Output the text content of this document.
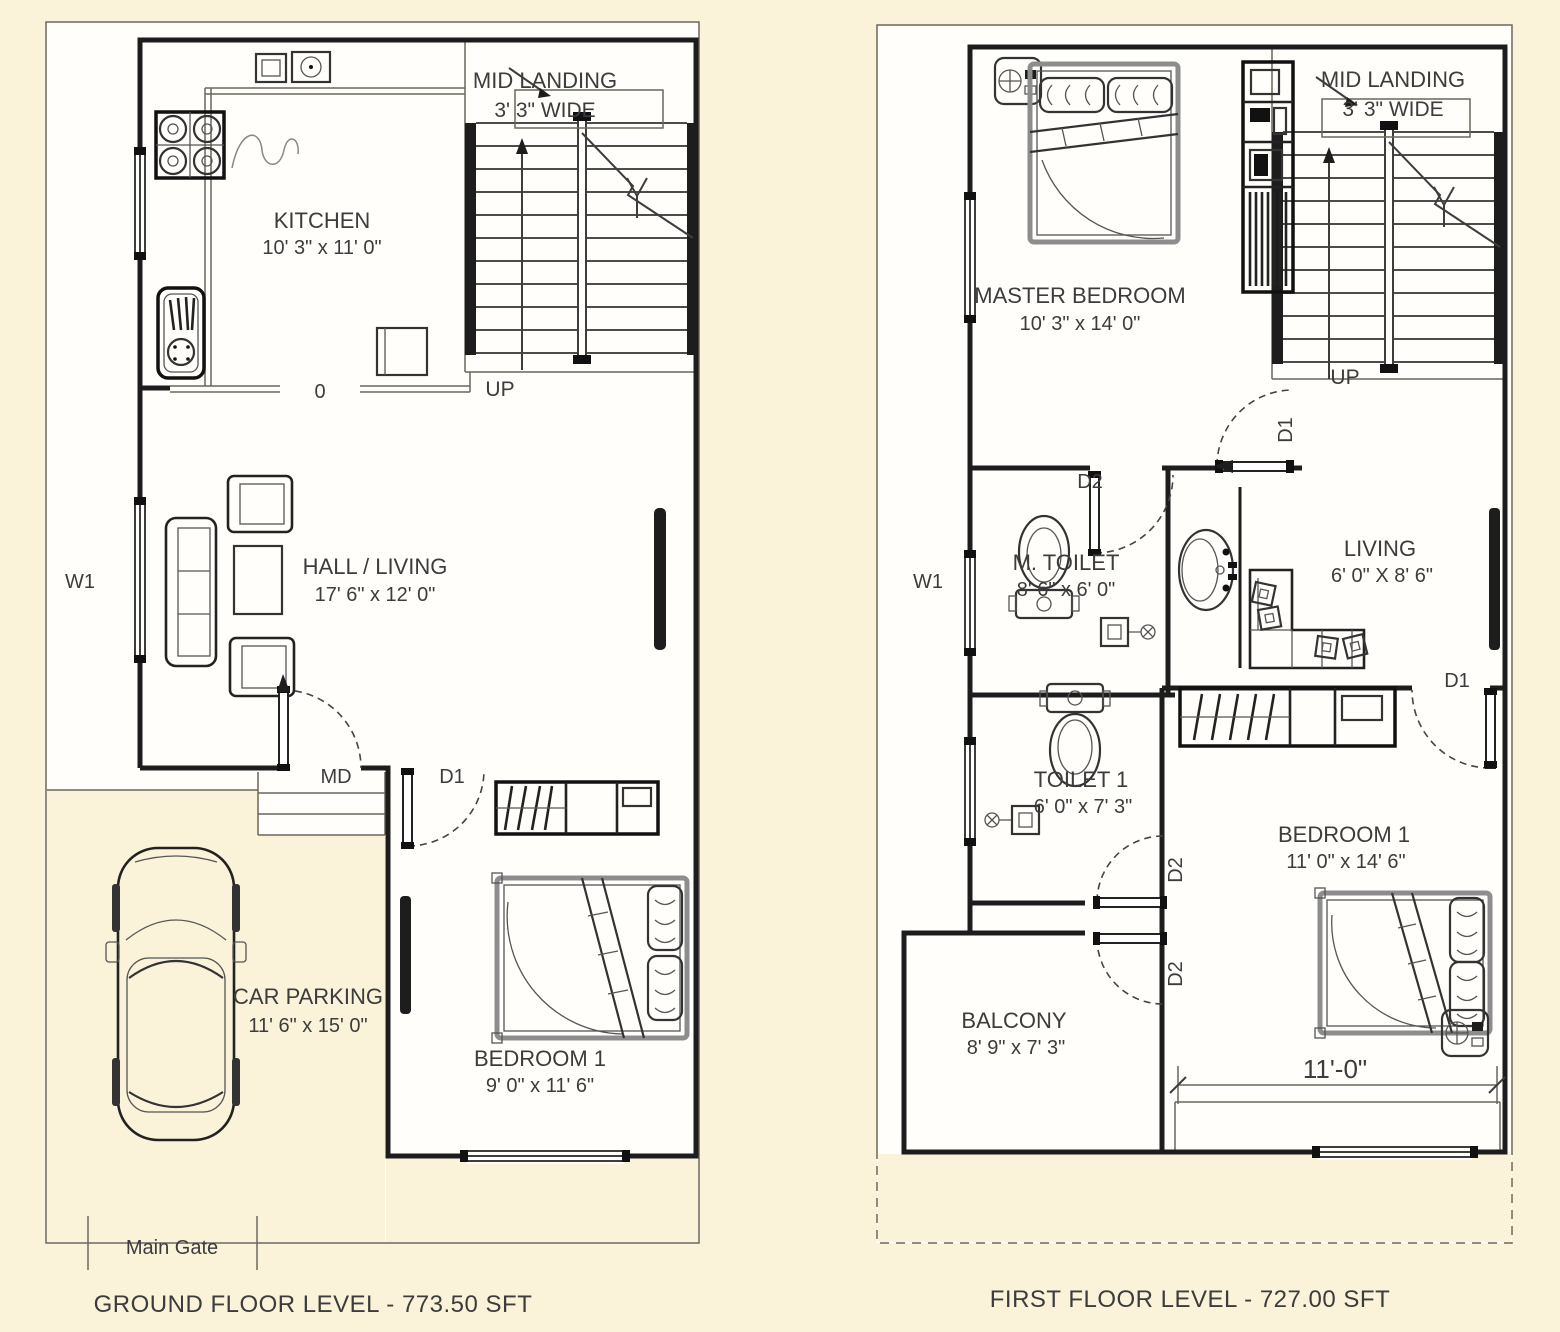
KITCHEN
10' 3" x 11' 0"
MID LANDING
3' 3" WIDE
UP
0
HALL / LIVING
17' 6" x 12' 0"
W1
MD	D1
BEDROOM 1
9' 0" x 11' 6"
CAR PARKING
11' 6" x 15' 0"
Main Gate
GROUND FLOOR LEVEL - 773.50 SFT
MASTER BEDROOM
10' 3" x 14' 0"
MID LANDING
3' 3" WIDE
UP
D1
D2
M. TOILET
8' 6" x 6' 0"
W1
LIVING
6' 0" X 8' 6"
D1
TOILET 1
6' 0" x 7' 3"
D2
D2
BEDROOM 1
11' 0" x 14' 6"
BALCONY
8' 9" x 7' 3"
11'-0"
FIRST FLOOR LEVEL - 727.00 SFT
